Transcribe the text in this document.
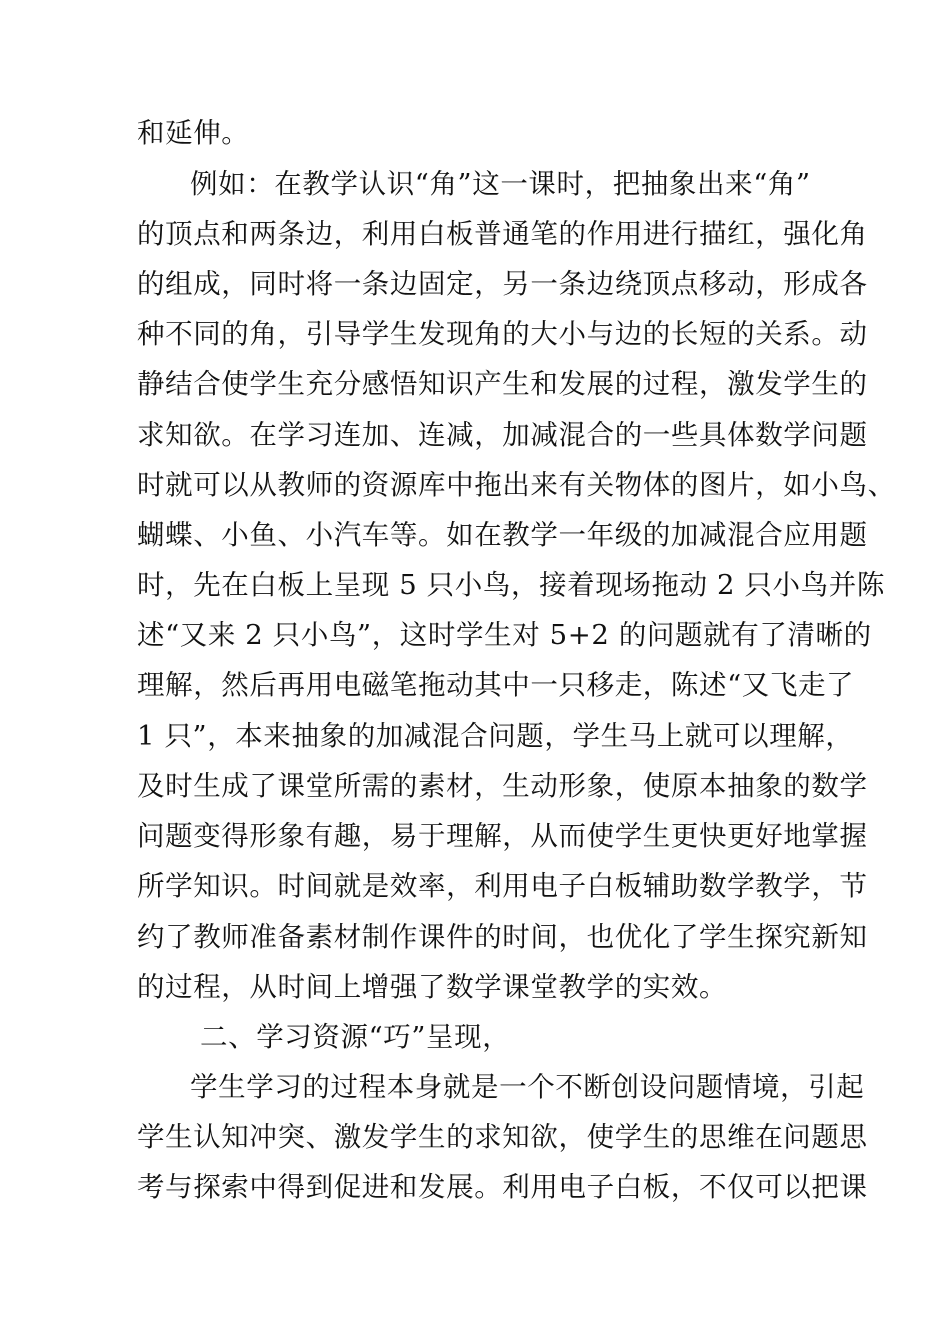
和延伸。
例如：在教学认识“角”这一课时，把抽象出来“角”
的顶点和两条边，利用白板普通笔的作用进行描红，强化角
的组成，同时将一条边固定，另一条边绕顶点移动，形成各
种不同的角，引导学生发现角的大小与边的长短的关系。动
静结合使学生充分感悟知识产生和发展的过程，激发学生的
求知欲。在学习连加、连减，加减混合的一些具体数学问题
时就可以从教师的资源库中拖出来有关物体的图片，如小鸟、
蝴蝶、小鱼、小汽车等。如在教学一年级的加减混合应用题
时，先在白板上呈现 5 只小鸟，接着现场拖动 2 只小鸟并陈
述“又来 2 只小鸟”，这时学生对 5+2 的问题就有了清晰的
理解，然后再用电磁笔拖动其中一只移走，陈述“又飞走了
1 只”，本来抽象的加减混合问题，学生马上就可以理解，
及时生成了课堂所需的素材，生动形象，使原本抽象的数学
问题变得形象有趣，易于理解，从而使学生更快更好地掌握
所学知识。时间就是效率，利用电子白板辅助数学教学，节
约了教师准备素材制作课件的时间，也优化了学生探究新知
的过程，从时间上增强了数学课堂教学的实效。
二、学习资源“巧”呈现，
学生学习的过程本身就是一个不断创设问题情境，引起
学生认知冲突、激发学生的求知欲，使学生的思维在问题思
考与探索中得到促进和发展。利用电子白板，不仅可以把课
